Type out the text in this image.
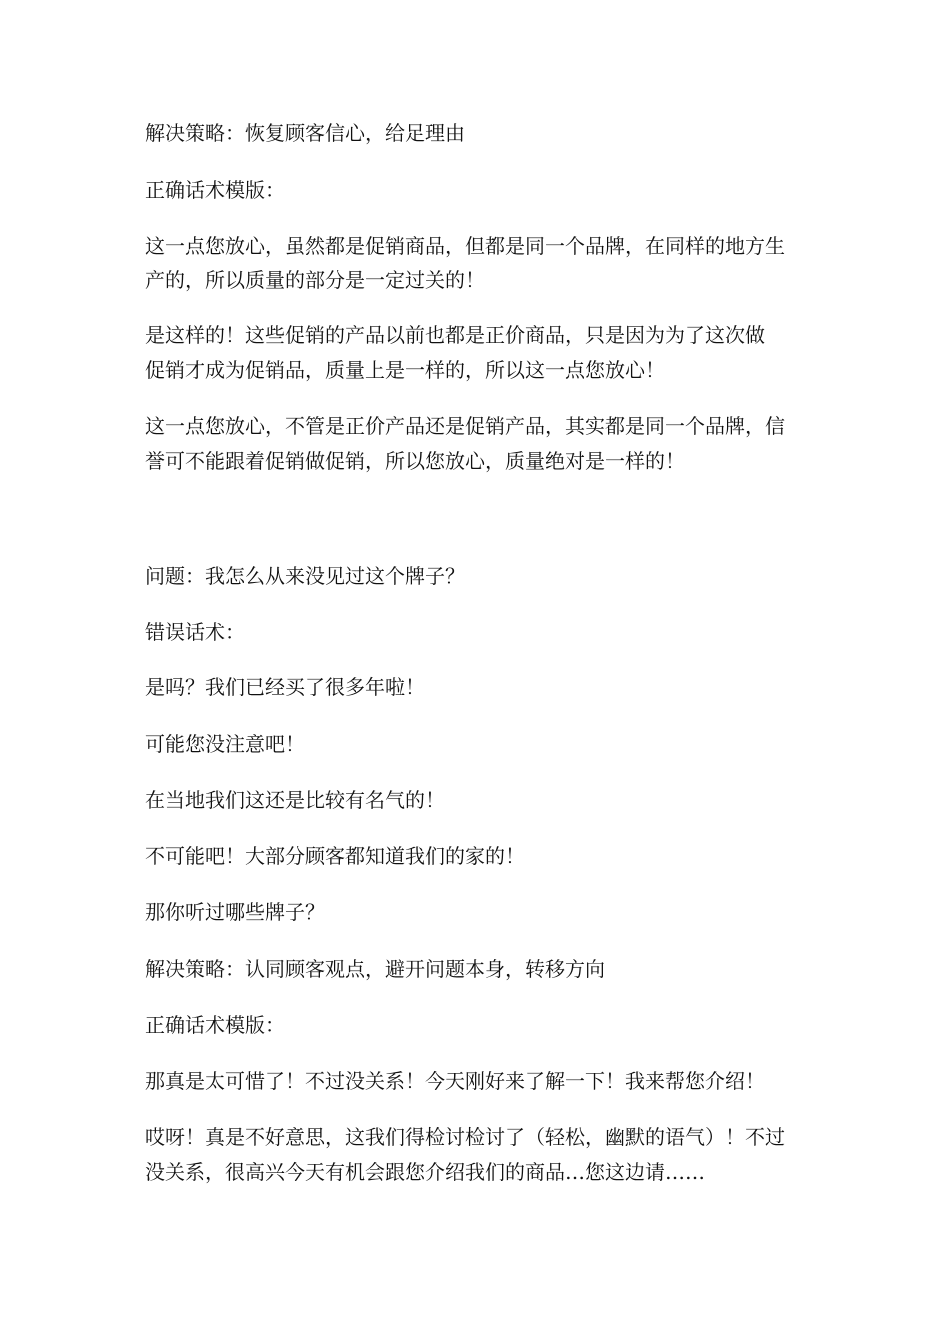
解决策略：恢复顾客信心，给足理由

正确话术模版：

这一点您放心，虽然都是促销商品，但都是同一个品牌，在同样的地方生

产的，所以质量的部分是一定过关的！

是这样的！这些促销的产品以前也都是正价商品，只是因为为了这次做

促销才成为促销品，质量上是一样的，所以这一点您放心！

这一点您放心，不管是正价产品还是促销产品，其实都是同一个品牌，信

誉可不能跟着促销做促销，所以您放心，质量绝对是一样的！

问题：我怎么从来没见过这个牌子？

错误话术：

是吗？我们已经买了很多年啦！

可能您没注意吧！

在当地我们这还是比较有名气的！

不可能吧！大部分顾客都知道我们的家的！

那你听过哪些牌子？

解决策略：认同顾客观点，避开问题本身，转移方向

正确话术模版：

那真是太可惜了！不过没关系！今天刚好来了解一下！我来帮您介绍！

哎呀！真是不好意思，这我们得检讨检讨了（轻松，幽默的语气）！不过

没关系，很高兴今天有机会跟您介绍我们的商品…您这边请……
